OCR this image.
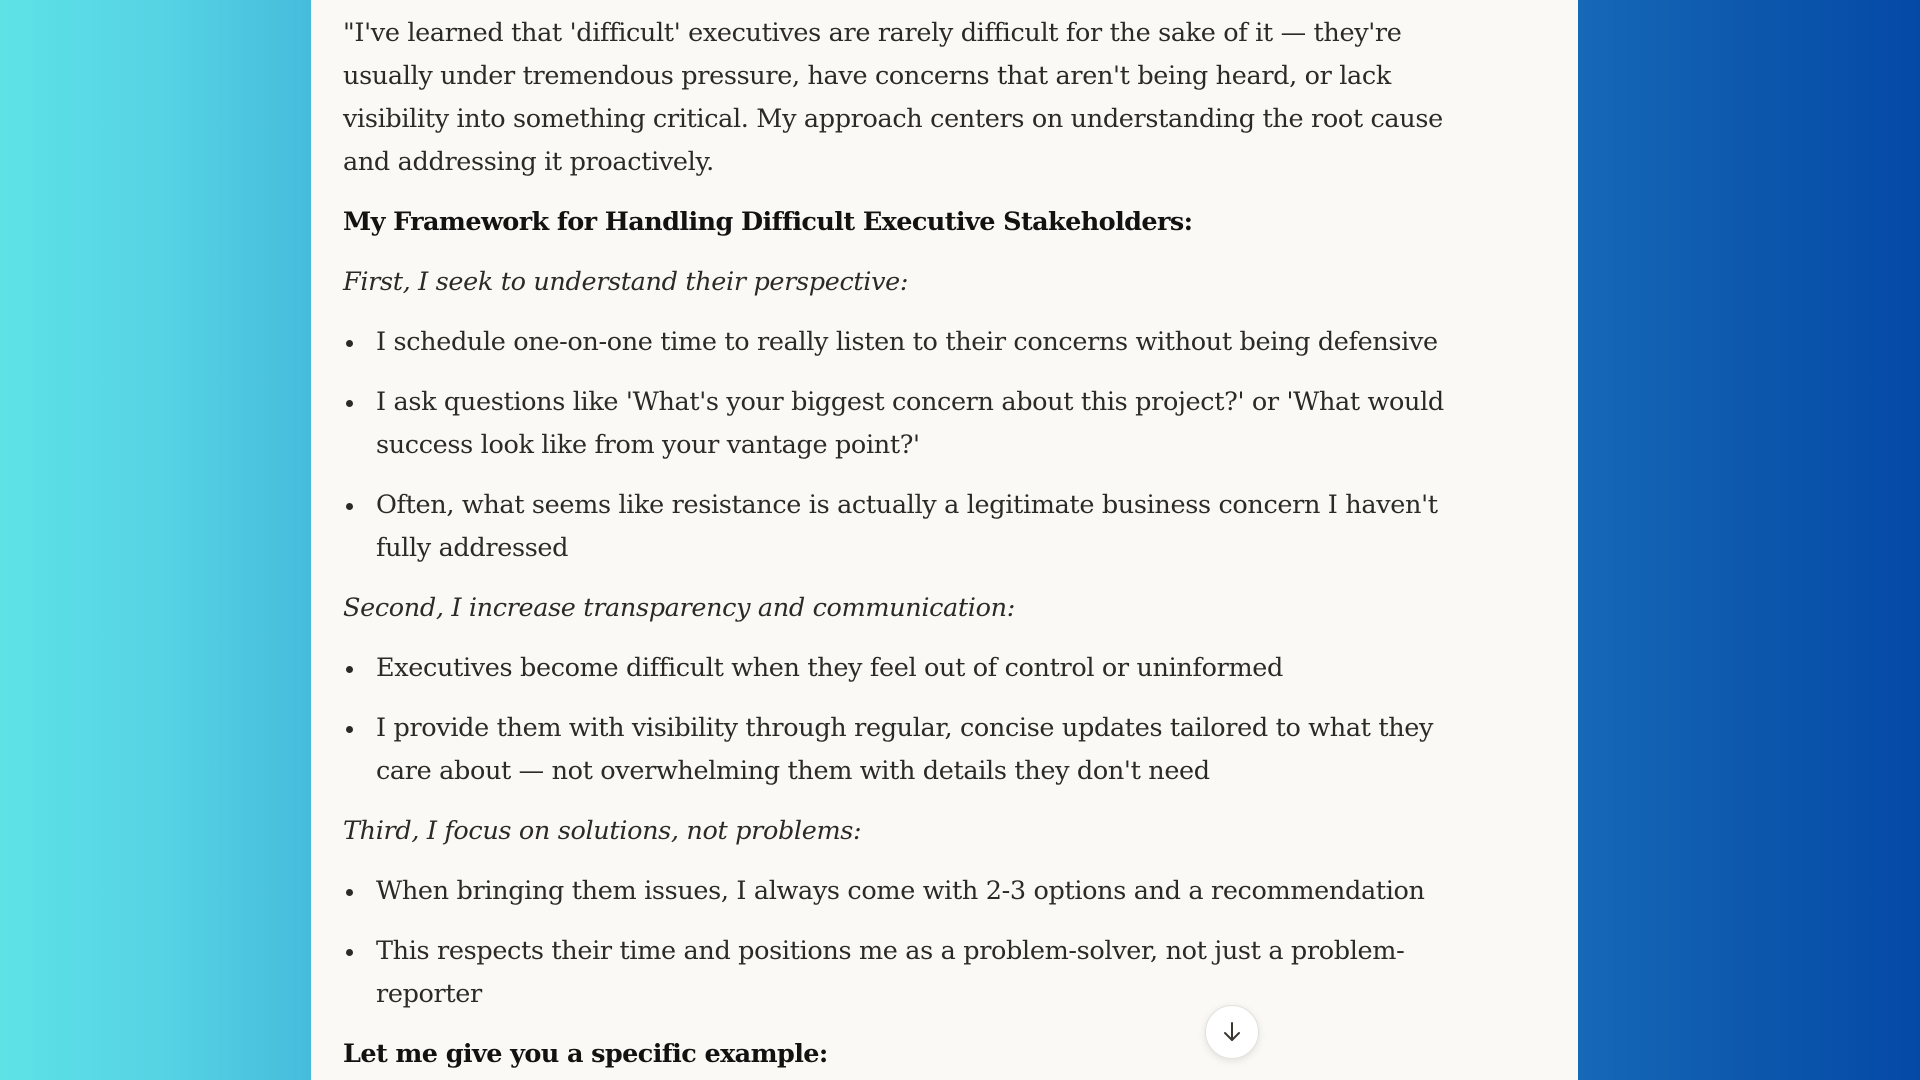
"I've learned that 'difficult' executives are rarely difficult for the sake of it — they're usually under tremendous pressure, have concerns that aren't being heard, or lack visibility into something critical. My approach centers on understanding the root cause and addressing it proactively.

My Framework for Handling Difficult Executive Stakeholders:

First, I seek to understand their perspective:

I schedule one-on-one time to really listen to their concerns without being defensive
I ask questions like 'What's your biggest concern about this project?' or 'What would success look like from your vantage point?'
Often, what seems like resistance is actually a legitimate business concern I haven't fully addressed

Second, I increase transparency and communication:

Executives become difficult when they feel out of control or uninformed
I provide them with visibility through regular, concise updates tailored to what they care about — not overwhelming them with details they don't need

Third, I focus on solutions, not problems:

When bringing them issues, I always come with 2-3 options and a recommendation
This respects their time and positions me as a problem-solver, not just a problem-reporter

Let me give you a specific example:
